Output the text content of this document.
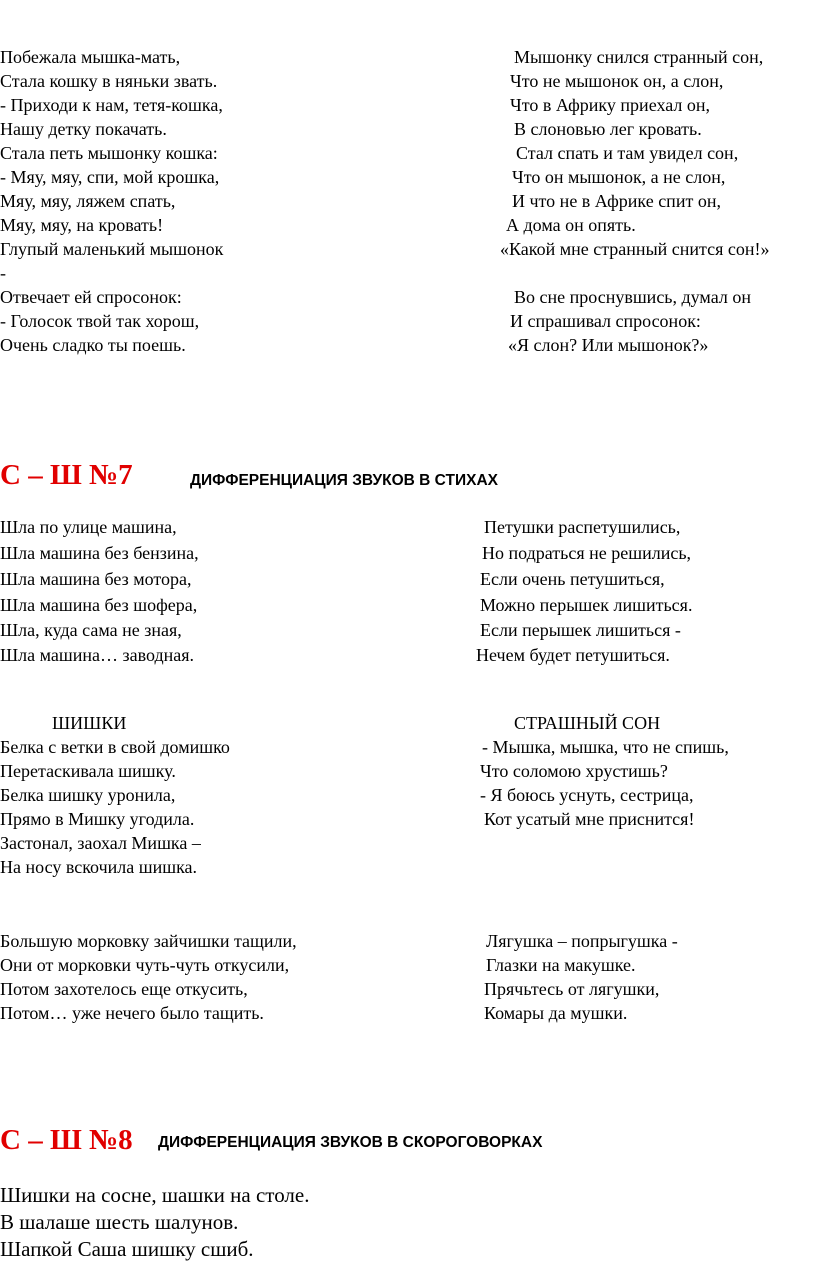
Побежала мышка-мать,
Стала кошку в няньки звать.
- Приходи к нам, тетя-кошка,
Нашу детку покачать.
Стала петь мышонку кошка:
- Мяу, мяу, спи, мой крошка,
Мяу, мяу, ляжем спать,
Мяу, мяу, на кровать!
Глупый маленький мышонок
-
Отвечает ей спросонок:
- Голосок твой так хорош,
Очень сладко ты поешь.
Мышонку снился странный сон,
Что не мышонок он, а слон,
Что в Африку приехал он,
В слоновью лег кровать.
Стал спать и там увидел сон,
Что он мышонок, а не слон,
И что не в Африке спит он,
А дома он опять.
«Какой мне странный снится сон!»
Во сне проснувшись, думал он
И спрашивал спросонок:
«Я слон? Или мышонок?»
С – Ш №7	ДИФФЕРЕНЦИАЦИЯ ЗВУКОВ В СТИХАХ
Шла по улице машина,
Шла машина без бензина,
Шла машина без мотора,
Шла машина без шофера,
Шла, куда сама не зная,
Шла машина… заводная.
Петушки распетушились,
Но подраться не решились,
Если очень петушиться,
Можно перышек лишиться.
Если перышек лишиться -
Нечем будет петушиться.
ШИШКИ	СТРАШНЫЙ СОН
Белка с ветки в свой домишко
Перетаскивала шишку.
Белка шишку уронила,
Прямо в Мишку угодила.
Застонал, заохал Мишка –
На носу вскочила шишка.
- Мышка, мышка, что не спишь,
Что соломою хрустишь?
- Я боюсь уснуть, сестрица,
Кот усатый мне приснится!
Большую морковку зайчишки тащили,
Они от морковки чуть-чуть откусили,
Потом захотелось еще откусить,
Потом… уже нечего было тащить.
Лягушка – попрыгушка -
Глазки на макушке.
Прячьтесь от лягушки,
Комары да мушки.
С – Ш №8 ДИФФЕРЕНЦИАЦИЯ ЗВУКОВ В СКОРОГОВОРКАХ
Шишки на сосне, шашки на столе.
В шалаше шесть шалунов.
Шапкой Саша шишку сшиб.
